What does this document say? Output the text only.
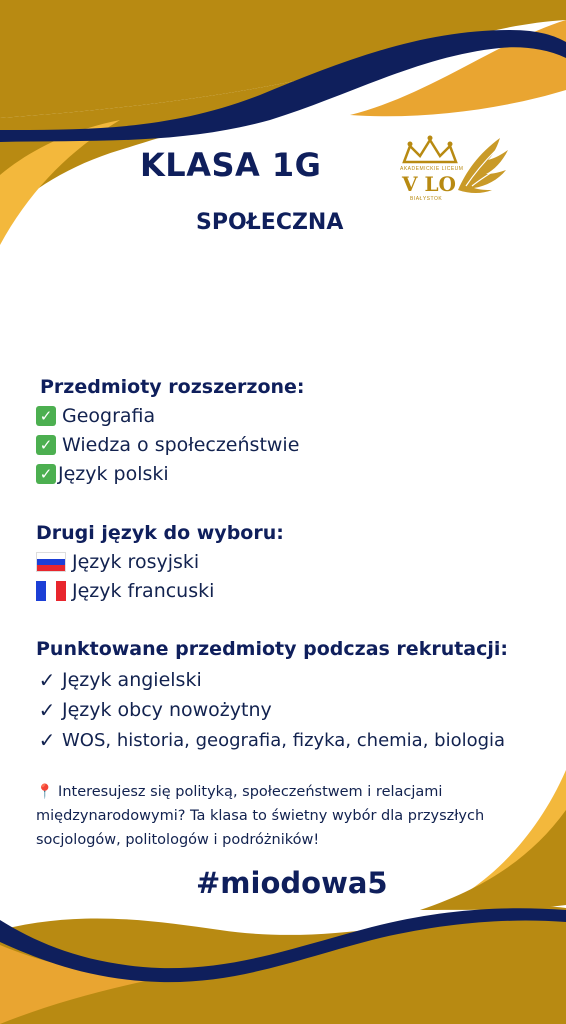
KLASA 1G
SPOŁECZNA
AKADEMICKIE LICEUM
V LO
BIAŁYSTOK
Przedmioty rozszerzone:
✓ Geografia
✓ Wiedza o społeczeństwie
✓ Język polski
Drugi język do wyboru:
Język rosyjski
Język francuski
Punktowane przedmioty podczas rekrutacji:
✓ Język angielski
✓ Język obcy nowożytny
✓ WOS, historia, geografia, fizyka, chemia, biologia
📍 Interesujesz się polityką, społeczeństwem i relacjami międzynarodowymi? Ta klasa to świetny wybór dla przyszłych socjologów, politologów i podróżników!
#miodowa5
